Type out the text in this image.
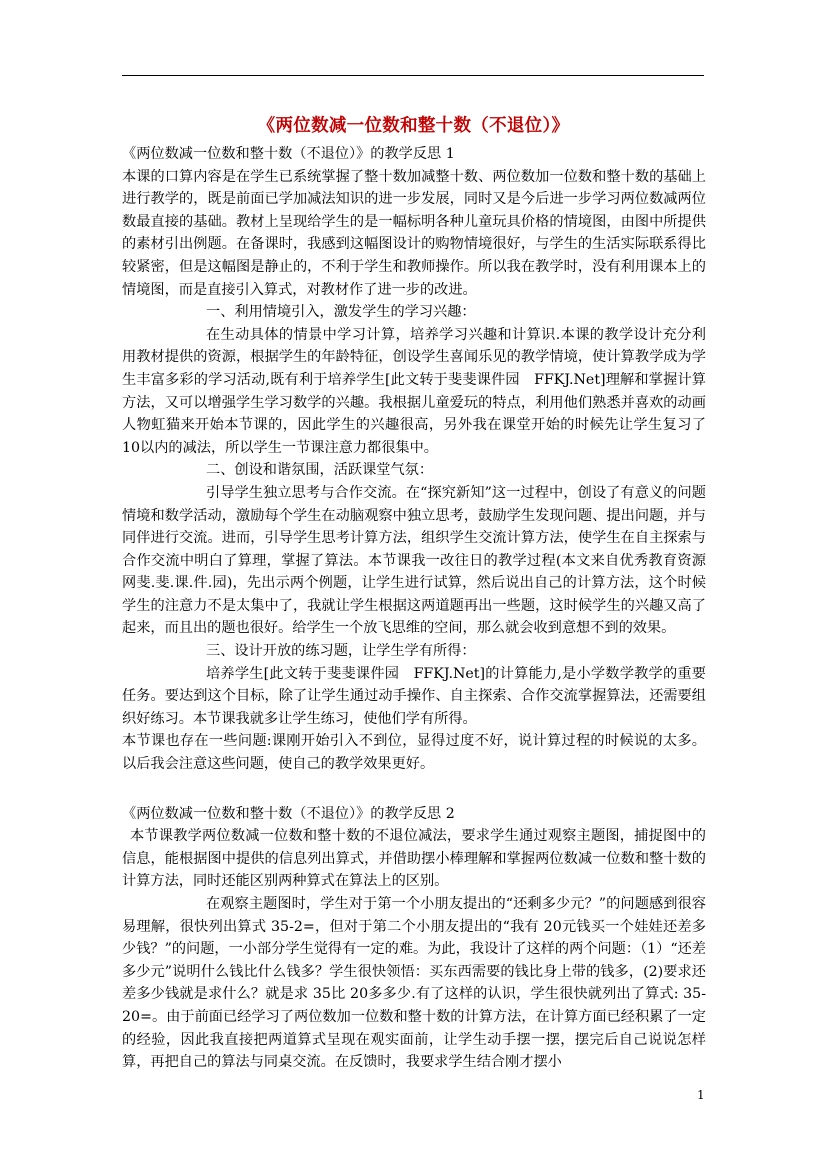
《两位数减一位数和整十数（不退位）》

《两位数减一位数和整十数（不退位）》的教学反思 1

本课的口算内容是在学生已系统掌握了整十数加减整十数、两位数加一位数和整十数的基础上进行教学的，既是前面已学加减法知识的进一步发展，同时又是今后进一步学习两位数减两位数最直接的基础。教材上呈现给学生的是一幅标明各种儿童玩具价格的情境图，由图中所提供的素材引出例题。在备课时，我感到这幅图设计的购物情境很好，与学生的生活实际联系得比较紧密，但是这幅图是静止的，不利于学生和教师操作。所以我在教学时，没有利用课本上的情境图，而是直接引入算式，对教材作了进一步的改进。

一、利用情境引入，激发学生的学习兴趣：

在生动具体的情景中学习计算，培养学习兴趣和计算识.本课的教学设计充分利用教材提供的资源，根据学生的年龄特征，创设学生喜闻乐见的教学情境，使计算教学成为学生丰富多彩的学习活动,既有利于培养学生[此文转于斐斐课件园　FFKJ.Net]理解和掌握计算方法，又可以增强学生学习数学的兴趣。我根据儿童爱玩的特点，利用他们熟悉并喜欢的动画人物虹猫来开始本节课的，因此学生的兴趣很高，另外我在课堂开始的时候先让学生复习了 10以内的减法，所以学生一节课注意力都很集中。

二、创设和谐氛围，活跃课堂气氛：

引导学生独立思考与合作交流。在“探究新知”这一过程中，创设了有意义的问题情境和数学活动，激励每个学生在动脑观察中独立思考，鼓励学生发现问题、提出问题，并与同伴进行交流。进而，引导学生思考计算方法，组织学生交流计算方法，使学生在自主探索与合作交流中明白了算理，掌握了算法。本节课我一改往日的教学过程(本文来自优秀教育资源网斐.斐.课.件.园)，先出示两个例题，让学生进行试算，然后说出自己的计算方法，这个时候学生的注意力不是太集中了，我就让学生根据这两道题再出一些题，这时候学生的兴趣又高了起来，而且出的题也很好。给学生一个放飞思维的空间，那么就会收到意想不到的效果。

三、设计开放的练习题，让学生学有所得：

培养学生[此文转于斐斐课件园　FFKJ.Net]的计算能力,是小学数学教学的重要任务。要达到这个目标，除了让学生通过动手操作、自主探索、合作交流掌握算法，还需要组织好练习。本节课我就多让学生练习，使他们学有所得。

本节课也存在一些问题:课刚开始引入不到位，显得过度不好，说计算过程的时候说的太多。以后我会注意这些问题，使自己的教学效果更好。

《两位数减一位数和整十数（不退位）》的教学反思 2

本节课教学两位数减一位数和整十数的不退位减法，要求学生通过观察主题图，捕捉图中的信息，能根据图中提供的信息列出算式，并借助摆小棒理解和掌握两位数减一位数和整十数的计算方法，同时还能区别两种算式在算法上的区别。

在观察主题图时，学生对于第一个小朋友提出的“还剩多少元？”的问题感到很容易理解，很快列出算式 35-2=，但对于第二个小朋友提出的“我有 20元钱买一个娃娃还差多少钱？”的问题，一小部分学生觉得有一定的难。为此，我设计了这样的两个问题：（1）“还差多少元”说明什么钱比什么钱多？学生很快领悟：买东西需要的钱比身上带的钱多，(2)要求还差多少钱就是求什么？就是求 35比 20多多少.有了这样的认识，学生很快就列出了算式: 35-20=。由于前面已经学习了两位数加一位数和整十数的计算方法，在计算方面已经积累了一定的经验，因此我直接把两道算式呈现在观实面前，让学生动手摆一摆，摆完后自己说说怎样算，再把自己的算法与同桌交流。在反馈时，我要求学生结合刚才摆小

1
